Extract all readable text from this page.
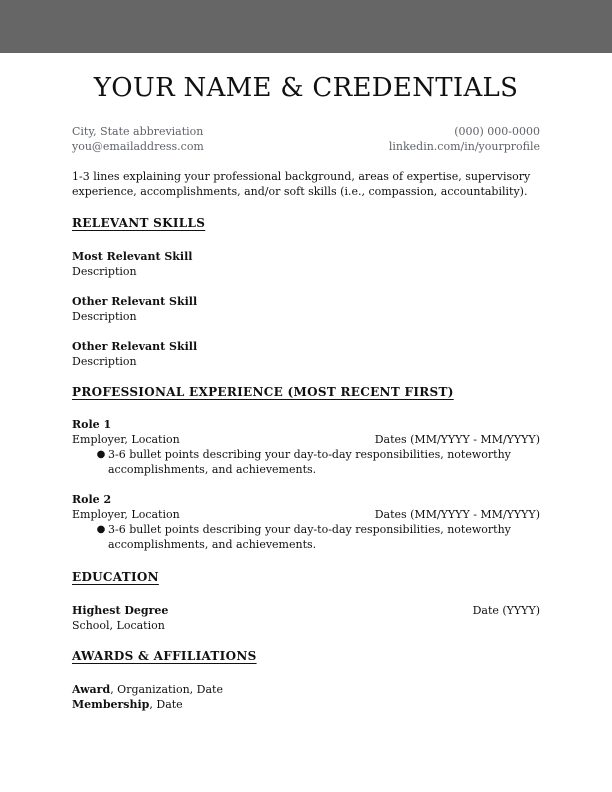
YOUR NAME & CREDENTIALS
City, State abbreviation
you@emailaddress.com
(000) 000-0000
linkedin.com/in/yourprofile
1-3 lines explaining your professional background, areas of expertise, supervisory experience, accomplishments, and/or soft skills (i.e., compassion, accountability).
RELEVANT SKILLS
Most Relevant Skill
Description
Other Relevant Skill
Description
Other Relevant Skill
Description
PROFESSIONAL EXPERIENCE (MOST RECENT FIRST)
Role 1
Employer, Location	Dates (MM/YYYY - MM/YYYY)
● 3-6 bullet points describing your day-to-day responsibilities, noteworthy accomplishments, and achievements.
Role 2
Employer, Location	Dates (MM/YYYY - MM/YYYY)
● 3-6 bullet points describing your day-to-day responsibilities, noteworthy accomplishments, and achievements.
EDUCATION
Highest Degree	Date (YYYY)
School, Location
AWARDS & AFFILIATIONS
Award, Organization, Date
Membership, Date
